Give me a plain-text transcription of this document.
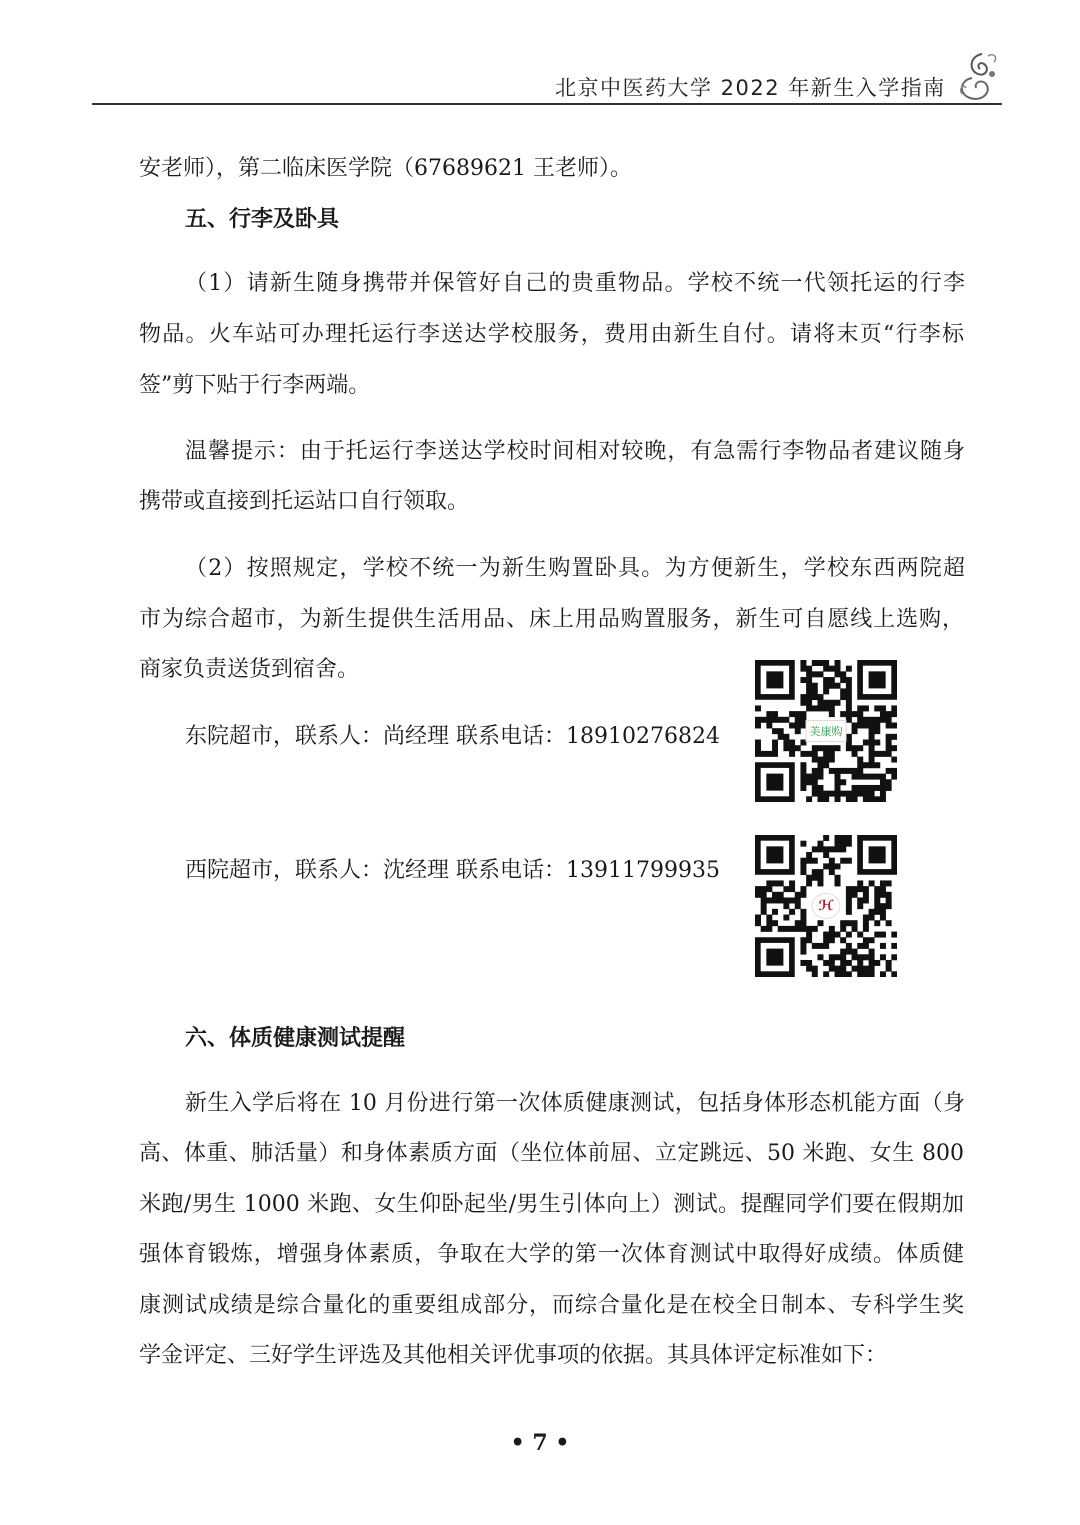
北京中医药大学 2022 年新生入学指南
安老师），第二临床医学院（67689621 王老师）。
五、行李及卧具
（1）请新生随身携带并保管好自己的贵重物品。学校不统一代领托运的行李
物品。火车站可办理托运行李送达学校服务，费用由新生自付。请将末页“行李标
签”剪下贴于行李两端。
温馨提示：由于托运行李送达学校时间相对较晚，有急需行李物品者建议随身
携带或直接到托运站口自行领取。
（2）按照规定，学校不统一为新生购置卧具。为方便新生，学校东西两院超
市为综合超市，为新生提供生活用品、床上用品购置服务，新生可自愿线上选购，
商家负责送货到宿舍。
东院超市，联系人：尚经理 联系电话：18910276824	美康购
西院超市，联系人：沈经理 联系电话：13911799935
ℋ
六、体质健康测试提醒
新生入学后将在 10 月份进行第一次体质健康测试，包括身体形态机能方面（身
高、体重、肺活量）和身体素质方面（坐位体前屈、立定跳远、50 米跑、女生 800
米跑/男生 1000 米跑、女生仰卧起坐/男生引体向上）测试。提醒同学们要在假期加
强体育锻炼，增强身体素质，争取在大学的第一次体育测试中取得好成绩。体质健
康测试成绩是综合量化的重要组成部分，而综合量化是在校全日制本、专科学生奖
学金评定、三好学生评选及其他相关评优事项的依据。其具体评定标准如下：
• 7 •
